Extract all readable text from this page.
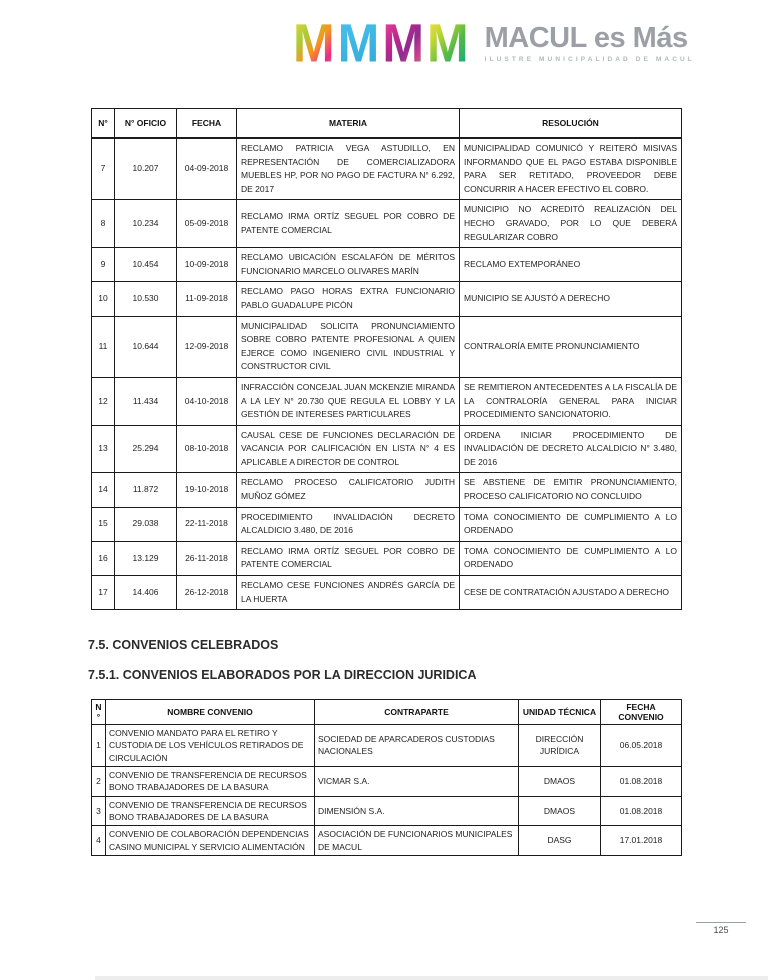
M M M M MACUL es Más
ILUSTRE MUNICIPALIDAD DE MACUL
N°	N° OFICIO	FECHA	MATERIA	RESOLUCIÓN
7	10.207	04-09-2018	RECLAMO PATRICIA VEGA ASTUDILLO, EN REPRESENTACIÓN DE COMERCIALIZADORA MUEBLES HP, POR NO PAGO DE FACTURA N° 6.292, DE 2017	MUNICIPALIDAD COMUNICÓ Y REITERÓ MISIVAS INFORMANDO QUE EL PAGO ESTABA DISPONIBLE PARA SER RETITADO, PROVEEDOR DEBE CONCURRIR A HACER EFECTIVO EL COBRO.
8	10.234	05-09-2018	RECLAMO IRMA ORTÍZ SEGUEL POR COBRO DE PATENTE COMERCIAL	MUNICIPIO NO ACREDITÓ REALIZACIÓN DEL HECHO GRAVADO, POR LO QUE DEBERÁ REGULARIZAR COBRO
9	10.454	10-09-2018	RECLAMO UBICACIÓN ESCALAFÓN DE MÉRITOS FUNCIONARIO MARCELO OLIVARES MARÍN	RECLAMO EXTEMPORÁNEO
10	10.530	11-09-2018	RECLAMO PAGO HORAS EXTRA FUNCIONARIO PABLO GUADALUPE PICÓN	MUNICIPIO SE AJUSTÓ A DERECHO
11	10.644	12-09-2018	MUNICIPALIDAD SOLICITA PRONUNCIAMIENTO SOBRE COBRO PATENTE PROFESIONAL A QUIEN EJERCE COMO INGENIERO CIVIL INDUSTRIAL Y CONSTRUCTOR CIVIL	CONTRALORÍA EMITE PRONUNCIAMIENTO
12	11.434	04-10-2018	INFRACCIÓN CONCEJAL JUAN MCKENZIE MIRANDA A LA LEY N° 20.730 QUE REGULA EL LOBBY Y LA GESTIÓN DE INTERESES PARTICULARES	SE REMITIERON ANTECEDENTES A LA FISCALÍA DE LA CONTRALORÍA GENERAL PARA INICIAR PROCEDIMIENTO SANCIONATORIO.
13	25.294	08-10-2018	CAUSAL CESE DE FUNCIONES DECLARACIÓN DE VACANCIA POR CALIFICACIÓN EN LISTA N° 4 ES APLICABLE A DIRECTOR DE CONTROL	ORDENA INICIAR PROCEDIMIENTO DE INVALIDACIÓN DE DECRETO ALCALDICIO N° 3.480, DE 2016
14	11.872	19-10-2018	RECLAMO PROCESO CALIFICATORIO JUDITH MUÑOZ GÓMEZ	SE ABSTIENE DE EMITIR PRONUNCIAMIENTO, PROCESO CALIFICATORIO NO CONCLUIDO
15	29.038	22-11-2018	PROCEDIMIENTO INVALIDACIÓN DECRETO ALCALDICIO 3.480, DE 2016	TOMA CONOCIMIENTO DE CUMPLIMIENTO A LO ORDENADO
16	13.129	26-11-2018	RECLAMO IRMA ORTÍZ SEGUEL POR COBRO DE PATENTE COMERCIAL	TOMA CONOCIMIENTO DE CUMPLIMIENTO A LO ORDENADO
17	14.406	26-12-2018	RECLAMO CESE FUNCIONES ANDRÉS GARCÍA DE LA HUERTA	CESE DE CONTRATACIÓN AJUSTADO A DERECHO
7.5. CONVENIOS CELEBRADOS
7.5.1. CONVENIOS ELABORADOS POR LA DIRECCION JURIDICA
N°	NOMBRE CONVENIO	CONTRAPARTE	UNIDAD TÉCNICA	FECHA CONVENIO
1	CONVENIO MANDATO PARA EL RETIRO Y CUSTODIA DE LOS VEHÍCULOS RETIRADOS DE CIRCULACIÓN	SOCIEDAD DE APARCADEROS CUSTODIAS NACIONALES	DIRECCIÓN JURÍDICA	06.05.2018
2	CONVENIO DE TRANSFERENCIA DE RECURSOS BONO TRABAJADORES DE LA BASURA	VICMAR S.A.	DMAOS	01.08.2018
3	CONVENIO DE TRANSFERENCIA DE RECURSOS BONO TRABAJADORES DE LA BASURA	DIMENSIÓN S.A.	DMAOS	01.08.2018
4	CONVENIO DE COLABORACIÓN DEPENDENCIAS CASINO MUNICIPAL Y SERVICIO ALIMENTACIÓN	ASOCIACIÓN DE FUNCIONARIOS MUNICIPALES DE MACUL	DASG	17.01.2018
125
